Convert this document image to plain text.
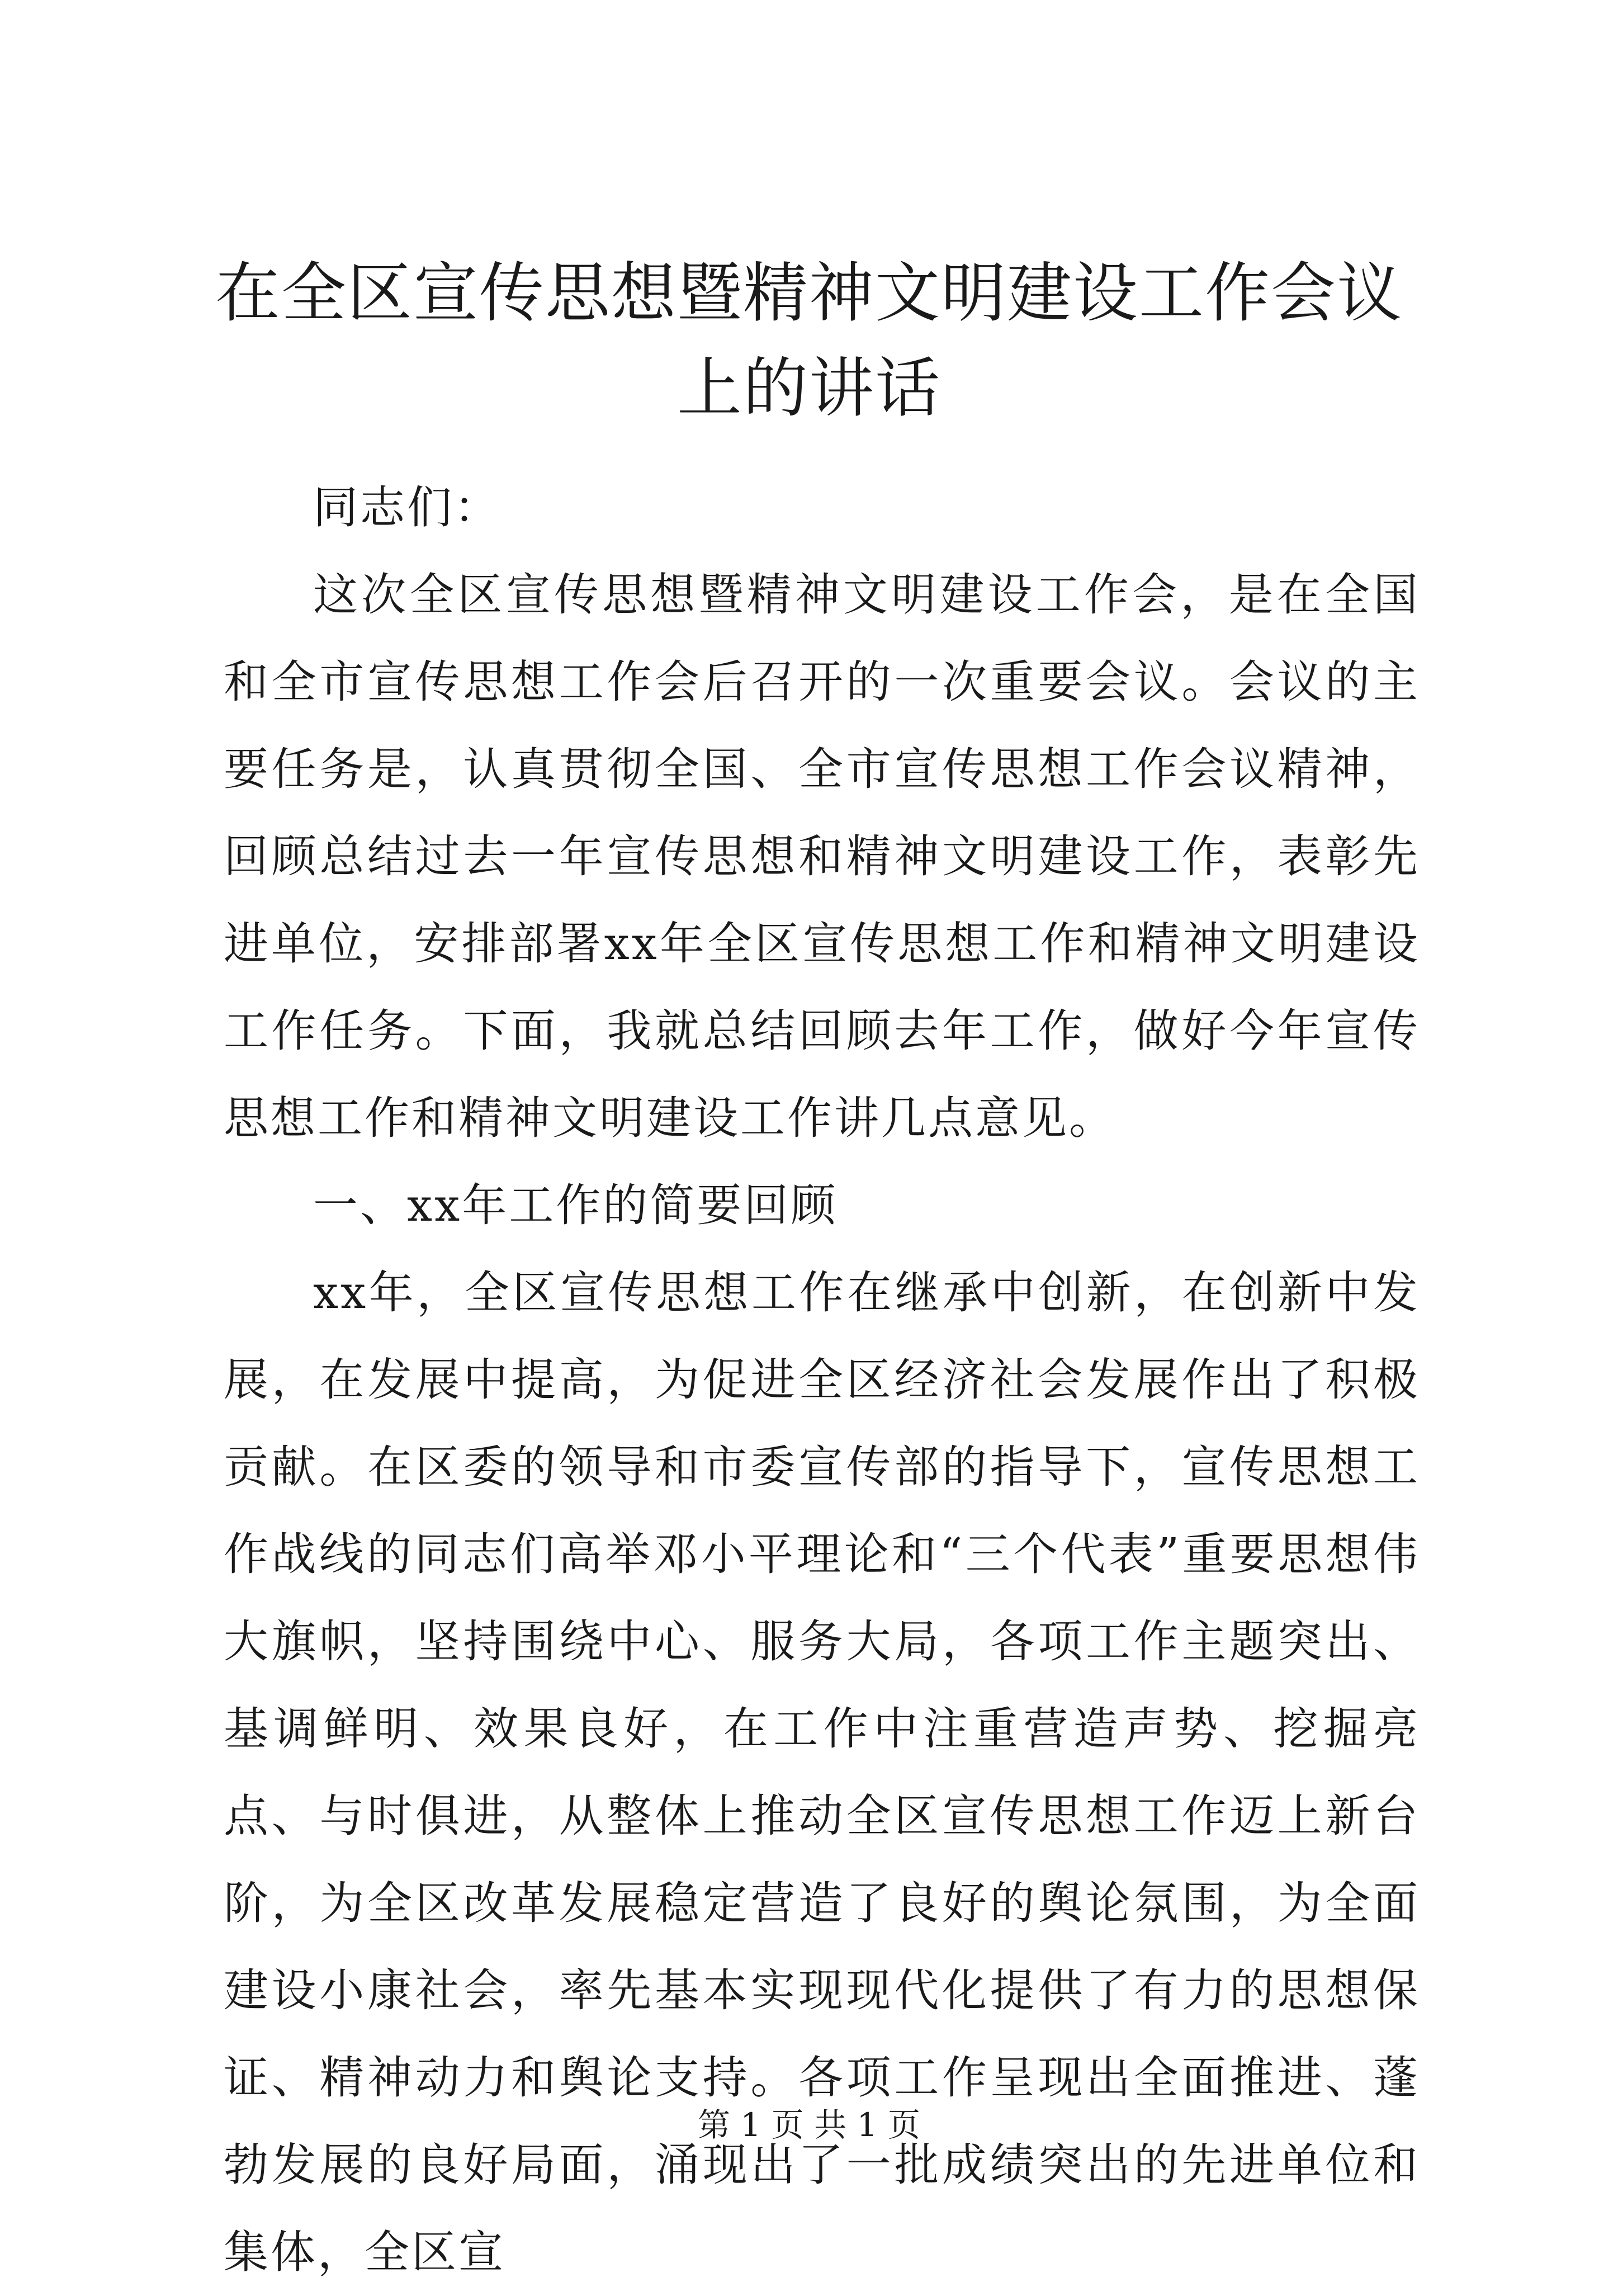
在全区宣传思想暨精神文明建设工作会议上的讲话

同志们：

这次全区宣传思想暨精神文明建设工作会，是在全国和全市宣传思想工作会后召开的一次重要会议。会议的主要任务是，认真贯彻全国、全市宣传思想工作会议精神，回顾总结过去一年宣传思想和精神文明建设工作，表彰先进单位，安排部署xx年全区宣传思想工作和精神文明建设工作任务。下面，我就总结回顾去年工作，做好今年宣传思想工作和精神文明建设工作讲几点意见。

一、xx年工作的简要回顾

xx年，全区宣传思想工作在继承中创新，在创新中发展，在发展中提高，为促进全区经济社会发展作出了积极贡献。在区委的领导和市委宣传部的指导下，宣传思想工作战线的同志们高举邓小平理论和“三个代表”重要思想伟大旗帜，坚持围绕中心、服务大局，各项工作主题突出、基调鲜明、效果良好，在工作中注重营造声势、挖掘亮点、与时俱进，从整体上推动全区宣传思想工作迈上新台阶，为全区改革发展稳定营造了良好的舆论氛围，为全面建设小康社会，率先基本实现现代化提供了有力的思想保证、精神动力和舆论支持。各项工作呈现出全面推进、蓬勃发展的良好局面，涌现出了一批成绩突出的先进单位和集体，全区宣

第 1 页 共 1 页
